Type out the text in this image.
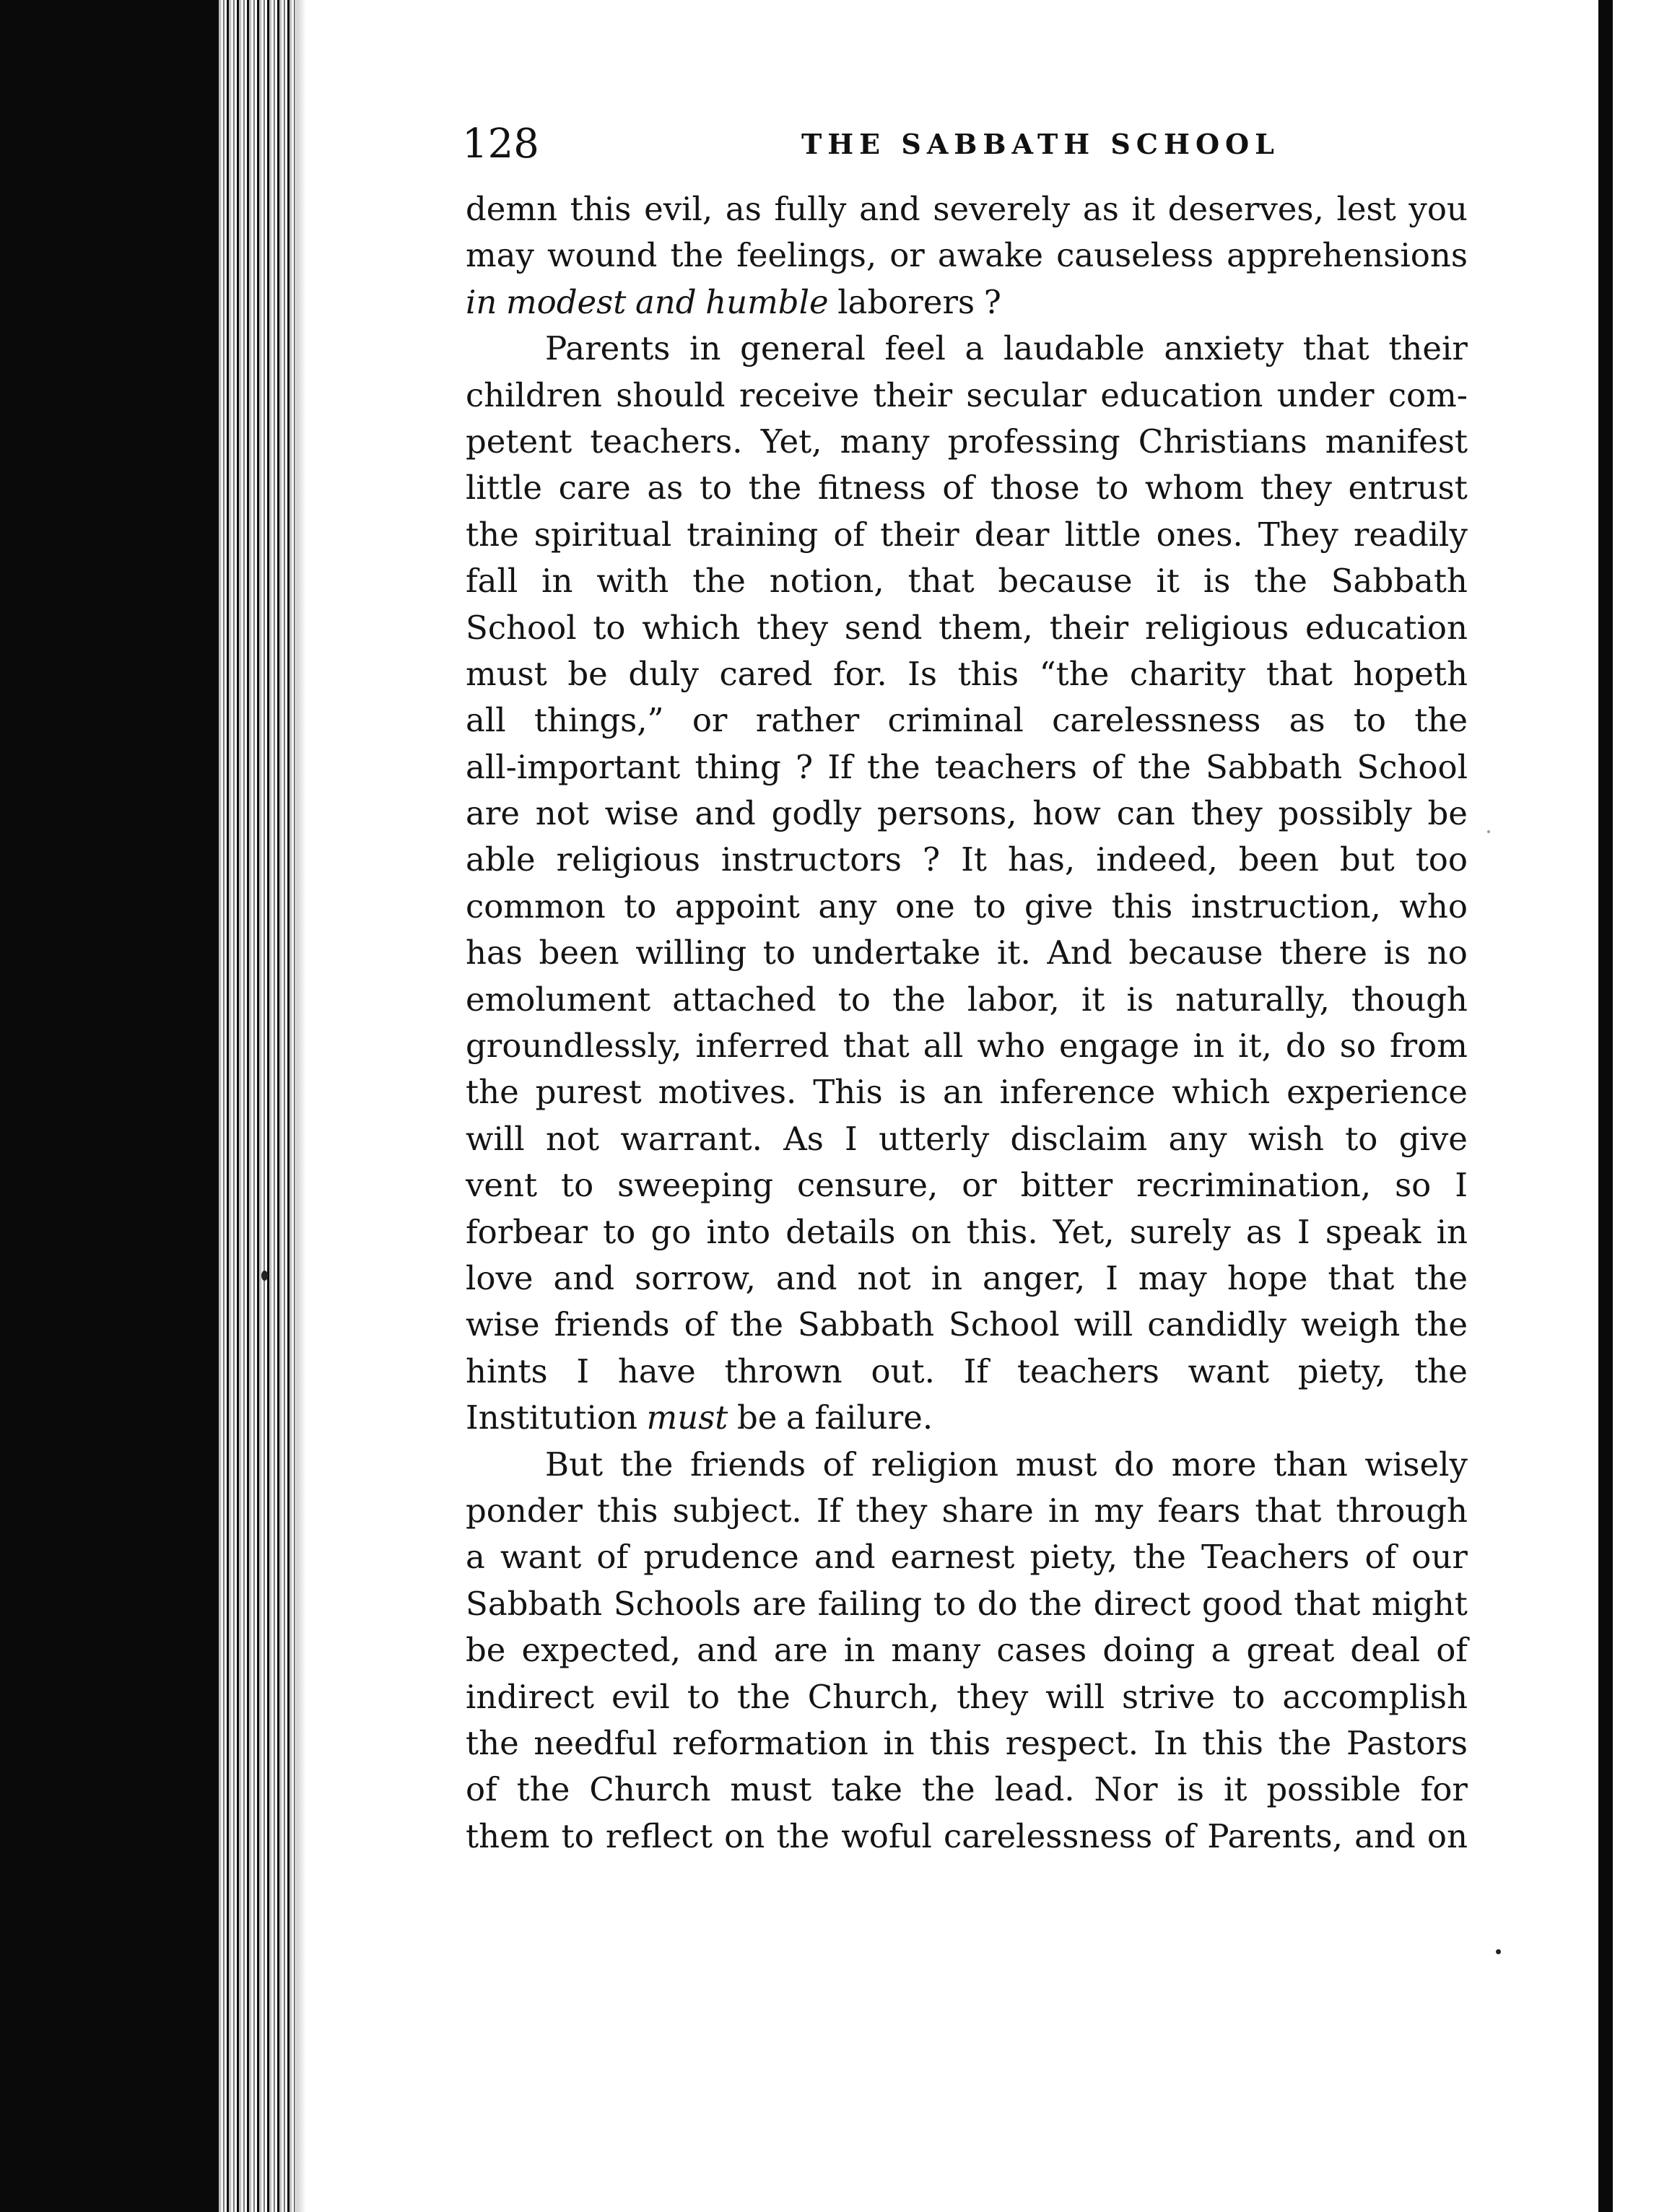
128	THE SABBATH SCHOOL
demn this evil, as fully and severely as it deserves, lest you
may wound the feelings, or awake causeless apprehensions
in modest and humble laborers ?
Parents in general feel a laudable anxiety that their
children should receive their secular education under com-
petent teachers. Yet, many professing Christians manifest
little care as to the fitness of those to whom they entrust
the spiritual training of their dear little ones. They readily
fall in with the notion, that because it is the Sabbath
School to which they send them, their religious education
must be duly cared for. Is this “the charity that hopeth
all things,” or rather criminal carelessness as to the
all-important thing ? If the teachers of the Sabbath School
are not wise and godly persons, how can they possibly be
able religious instructors ? It has, indeed, been but too
common to appoint any one to give this instruction, who
has been willing to undertake it. And because there is no
emolument attached to the labor, it is naturally, though
groundlessly, inferred that all who engage in it, do so from
the purest motives. This is an inference which experience
will not warrant. As I utterly disclaim any wish to give
vent to sweeping censure, or bitter recrimination, so I
forbear to go into details on this. Yet, surely as I speak in
love and sorrow, and not in anger, I may hope that the
wise friends of the Sabbath School will candidly weigh the
hints I have thrown out. If teachers want piety, the
Institution must be a failure.
But the friends of religion must do more than wisely
ponder this subject. If they share in my fears that through
a want of prudence and earnest piety, the Teachers of our
Sabbath Schools are failing to do the direct good that might
be expected, and are in many cases doing a great deal of
indirect evil to the Church, they will strive to accomplish
the needful reformation in this respect. In this the Pastors
of the Church must take the lead. Nor is it possible for
them to reflect on the woful carelessness of Parents, and on
